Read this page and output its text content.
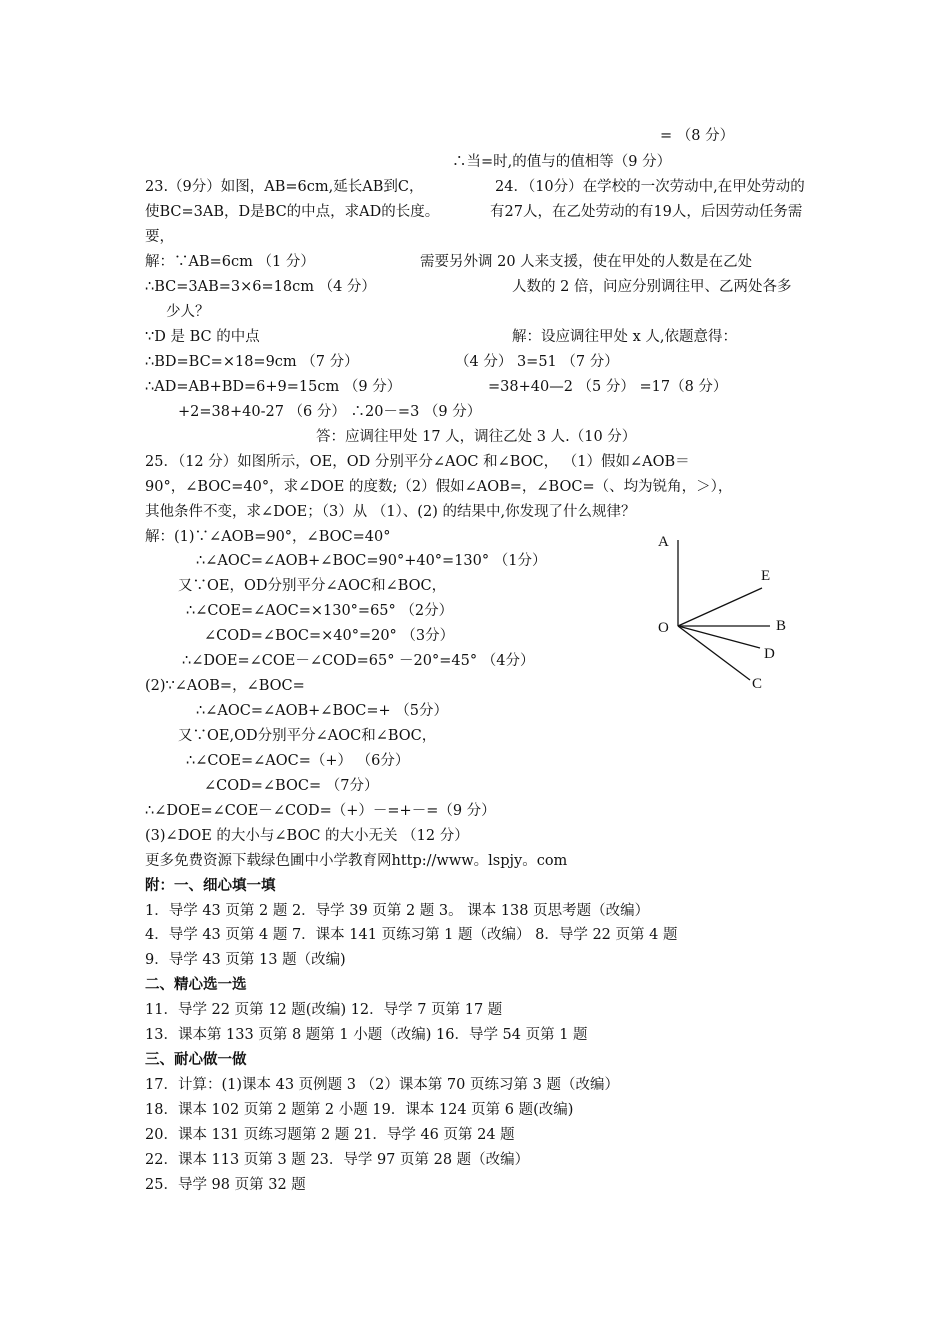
= （8 分）
∴当=时,的值与的值相等（9 分）
23.（9分）如图，AB=6cm,延长AB到C，
使BC=3AB，D是BC的中点，求AD的长度。
24．（10分）在学校的一次劳动中,在甲处劳动的
有27人，在乙处劳动的有19人，后因劳动任务需
要，
解：∵AB=6cm （1 分）	需要另外调 20 人来支援，使在甲处的人数是在乙处
∴BC=3AB=3×6=18cm （4 分）	人数的 2 倍，问应分别调往甲、乙两处各多
少人？
∵D 是 BC 的中点	解：设应调往甲处 x 人,依题意得：
∴BD=BC=×18=9cm （7 分）	（4 分） 3=51 （7 分）
∴AD=AB+BD=6+9=15cm （9 分）	=38+40—2 （5 分） =17（8 分）
+2=38+40-27 （6 分） ∴20－=3 （9 分）
答：应调往甲处 17 人，调往乙处 3 人.（10 分）
25．（12 分）如图所示，OE，OD 分别平分∠AOC 和∠BOC， （1）假如∠AOB＝
90°，∠BOC=40°，求∠DOE 的度数;（2）假如∠AOB=，∠BOC=（、均为锐角，＞），
其他条件不变，求∠DOE；（3）从 （1）、(2) 的结果中,你发现了什么规律？
解：(1)∵∠AOB=90°，∠BOC=40°
∴∠AOC=∠AOB+∠BOC=90°+40°=130° （1分）
又∵OE，OD分别平分∠AOC和∠BOC，
∴∠COE=∠AOC=×130°=65° （2分）
∠COD=∠BOC=×40°=20° （3分）
∴∠DOE=∠COE－∠COD=65° －20°=45° （4分）
(2)∵∠AOB=，∠BOC=
∴∠AOC=∠AOB+∠BOC=+ （5分）
又∵OE,OD分别平分∠AOC和∠BOC，
∴∠COE=∠AOC=（+） （6分）
∠COD=∠BOC= （7分）
∴∠DOE=∠COE－∠COD=（+）－=+－=（9 分）
(3)∠DOE 的大小与∠BOC 的大小无关 （12 分）
更多免费资源下载绿色圃中小学教育网http://www。lspjy。com
A
E
O	B
D
C
附：一、细心填一填
1．导学 43 页第 2 题 2．导学 39 页第 2 题 3。 课本 138 页思考题（改编）
4．导学 43 页第 4 题 7．课本 141 页练习第 1 题（改编） 8．导学 22 页第 4 题
9．导学 43 页第 13 题（改编)
二、精心选一选
11．导学 22 页第 12 题(改编) 12．导学 7 页第 17 题
13．课本第 133 页第 8 题第 1 小题（改编) 16．导学 54 页第 1 题
三、耐心做一做
17．计算：(1)课本 43 页例题 3 （2）课本第 70 页练习第 3 题（改编）
18．课本 102 页第 2 题第 2 小题 19．课本 124 页第 6 题(改编)
20．课本 131 页练习题第 2 题 21．导学 46 页第 24 题
22．课本 113 页第 3 题 23．导学 97 页第 28 题（改编）
25．导学 98 页第 32 题
